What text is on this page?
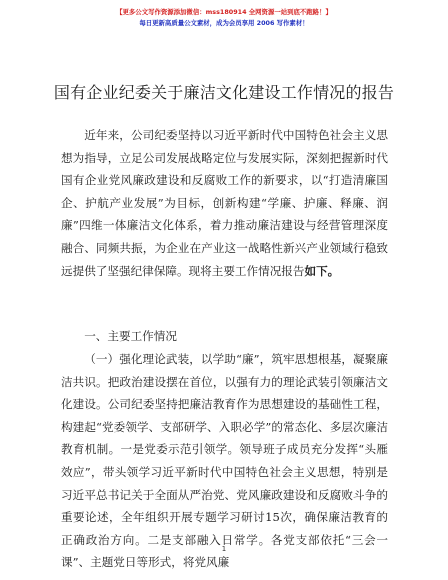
【更多公文写作资源添加微信：mss180914 全网资源一站到底不跑路！】
每日更新高质量公文素材，成为会员享用 2006 写作素材！
国有企业纪委关于廉洁文化建设工作情况的报告

近年来，公司纪委坚持以习近平新时代中国特色社会主义思想为指导，立足公司发展战略定位与发展实际，深刻把握新时代国有企业党风廉政建设和反腐败工作的新要求，以“打造清廉国企、护航产业发展”为目标，创新构建“学廉、护廉、释廉、润廉”四维一体廉洁文化体系，着力推动廉洁建设与经营管理深度融合、同频共振，为企业在产业这一战略性新兴产业领域行稳致远提供了坚强纪律保障。现将主要工作情况报告如下。

一、主要工作情况

（一）强化理论武装，以学助“廉”，筑牢思想根基，凝聚廉洁共识。把政治建设摆在首位，以强有力的理论武装引领廉洁文化建设。公司纪委坚持把廉洁教育作为思想建设的基础性工程，构建起“党委领学、支部研学、入职必学”的常态化、多层次廉洁教育机制。一是党委示范引领学。领导班子成员充分发挥“头雁效应”，带头领学习近平新时代中国特色社会主义思想，特别是习近平总书记关于全面从严治党、党风廉政建设和反腐败斗争的重要论述，全年组织开展专题学习研讨15次，确保廉洁教育的正确政治方向。二是支部融入日常学。各党支部依托“三会一课”、主题党日等形式，将党风廉

1
